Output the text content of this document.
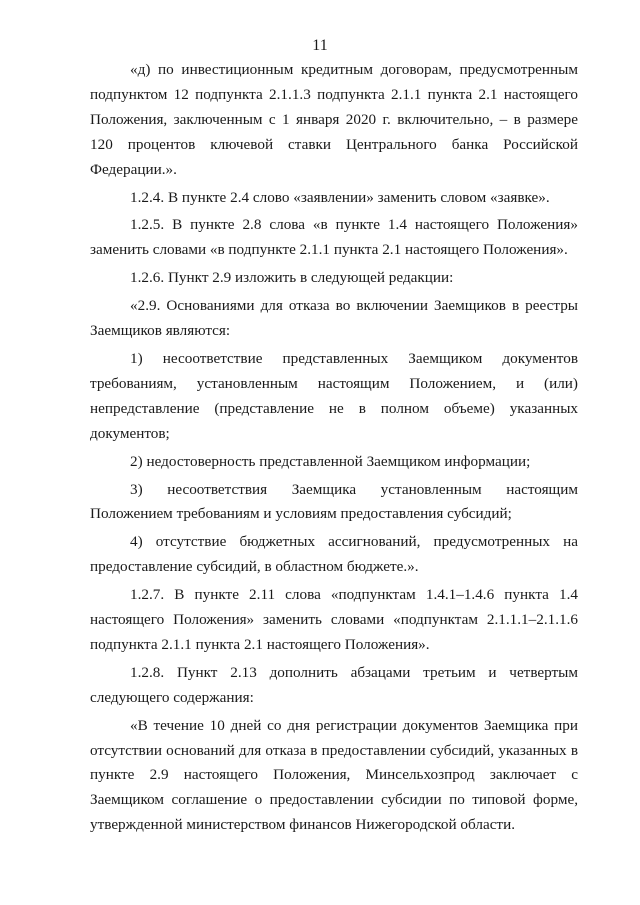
11

«д) по инвестиционным кредитным договорам, предусмотренным подпунктом 12 подпункта 2.1.1.3 подпункта 2.1.1 пункта 2.1 настоящего Положения, заключенным с 1 января 2020 г. включительно, – в размере 120 процентов ключевой ставки Центрального банка Российской Федерации.».

1.2.4. В пункте 2.4 слово «заявлении» заменить словом «заявке».

1.2.5. В пункте 2.8 слова «в пункте 1.4 настоящего Положения» заменить словами «в подпункте 2.1.1 пункта 2.1 настоящего Положения».

1.2.6. Пункт 2.9 изложить в следующей редакции:

«2.9. Основаниями для отказа во включении Заемщиков в реестры Заемщиков являются:

1) несоответствие представленных Заемщиком документов требованиям, установленным настоящим Положением, и (или) непредставление (представление не в полном объеме) указанных документов;

2) недостоверность представленной Заемщиком информации;

3) несоответствия Заемщика установленным настоящим Положением требованиям и условиям предоставления субсидий;

4) отсутствие бюджетных ассигнований, предусмотренных на предоставление субсидий, в областном бюджете.».

1.2.7. В пункте 2.11 слова «подпунктам 1.4.1–1.4.6 пункта 1.4 настоящего Положения» заменить словами «подпунктам 2.1.1.1–2.1.1.6 подпункта 2.1.1 пункта 2.1 настоящего Положения».

1.2.8. Пункт 2.13 дополнить абзацами третьим и четвертым следующего содержания:

«В течение 10 дней со дня регистрации документов Заемщика при отсутствии оснований для отказа в предоставлении субсидий, указанных в пункте 2.9 настоящего Положения, Минсельхозпрод заключает с Заемщиком соглашение о предоставлении субсидии по типовой форме, утвержденной министерством финансов Нижегородской области.
